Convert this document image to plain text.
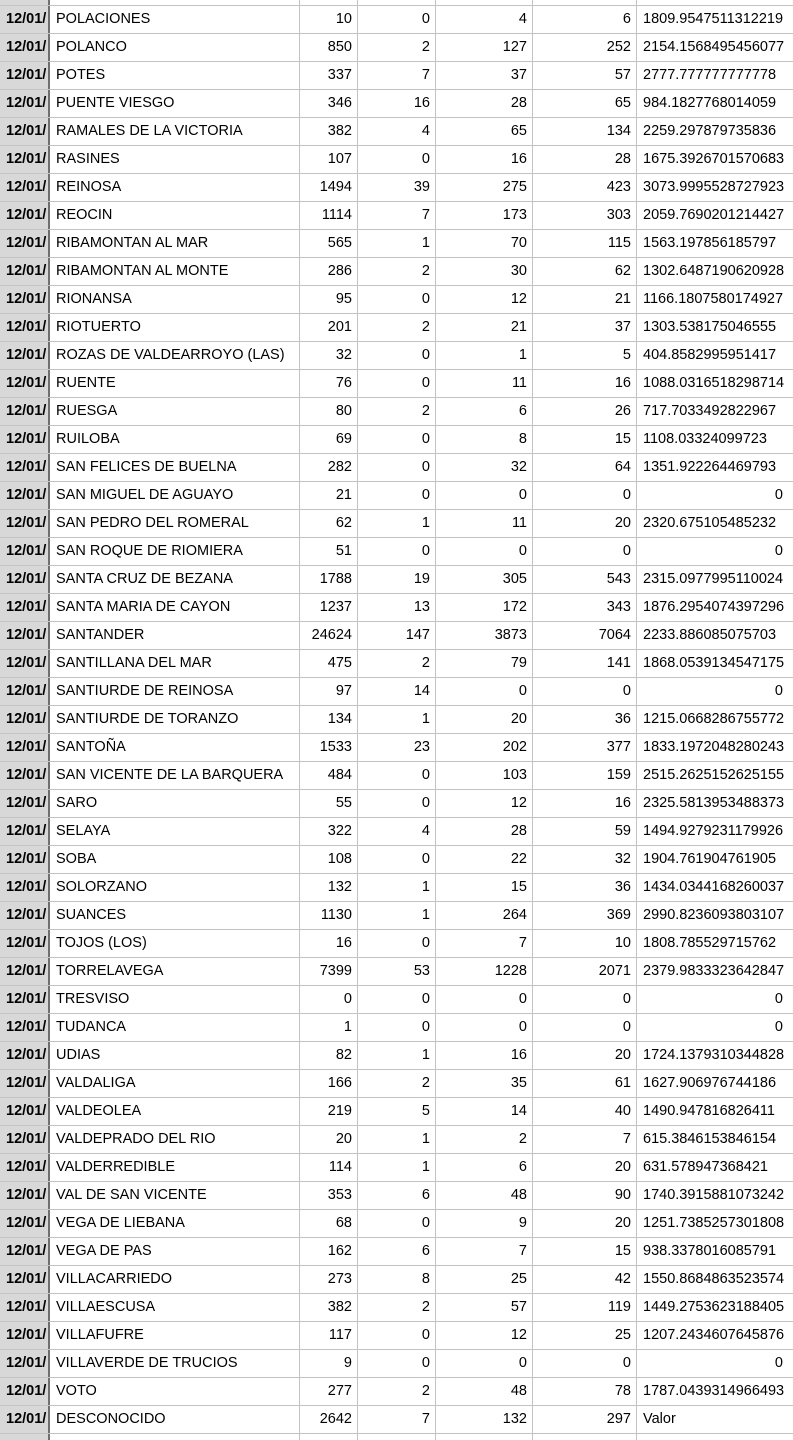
12/01/ POLACIONES	10	0	4	6 1809.9547511312219
12/01/ POLANCO	850	2	127	252 2154.1568495456077
12/01/ POTES	337	7	37	57 2777.777777777778
12/01/ PUENTE VIESGO	346	16	28	65 984.1827768014059
12/01/ RAMALES DE LA VICTORIA	382	4	65	134 2259.297879735836
12/01/ RASINES	107	0	16	28 1675.3926701570683
12/01/ REINOSA	1494	39	275	423 3073.9995528727923
12/01/ REOCIN	1114	7	173	303 2059.7690201214427
12/01/ RIBAMONTAN AL MAR	565	1	70	115 1563.197856185797
12/01/ RIBAMONTAN AL MONTE	286	2	30	62 1302.6487190620928
12/01/ RIONANSA	95	0	12	21 1166.1807580174927
12/01/ RIOTUERTO	201	2	21	37 1303.538175046555
12/01/ ROZAS DE VALDEARROYO (LAS)	32	0	1	5 404.8582995951417
12/01/ RUENTE	76	0	11	16 1088.0316518298714
12/01/ RUESGA	80	2	6	26 717.7033492822967
12/01/ RUILOBA	69	0	8	15 1108.03324099723
12/01/ SAN FELICES DE BUELNA	282	0	32	64 1351.922264469793
12/01/ SAN MIGUEL DE AGUAYO	21	0	0	0	0
12/01/ SAN PEDRO DEL ROMERAL	62	1	11	20 2320.675105485232
12/01/ SAN ROQUE DE RIOMIERA	51	0	0	0	0
12/01/ SANTA CRUZ DE BEZANA	1788	19	305	543 2315.0977995110024
12/01/ SANTA MARIA DE CAYON	1237	13	172	343 1876.2954074397296
12/01/ SANTANDER	24624	147	3873	7064 2233.886085075703
12/01/ SANTILLANA DEL MAR	475	2	79	141 1868.0539134547175
12/01/ SANTIURDE DE REINOSA	97	14	0	0	0
12/01/ SANTIURDE DE TORANZO	134	1	20	36 1215.0668286755772
12/01/ SANTOÑA	1533	23	202	377 1833.1972048280243
12/01/ SAN VICENTE DE LA BARQUERA	484	0	103	159 2515.2625152625155
12/01/ SARO	55	0	12	16 2325.5813953488373
12/01/ SELAYA	322	4	28	59 1494.9279231179926
12/01/ SOBA	108	0	22	32 1904.761904761905
12/01/ SOLORZANO	132	1	15	36 1434.0344168260037
12/01/ SUANCES	1130	1	264	369 2990.8236093803107
12/01/ TOJOS (LOS)	16	0	7	10 1808.785529715762
12/01/ TORRELAVEGA	7399	53	1228	2071 2379.9833323642847
12/01/ TRESVISO	0	0	0	0	0
12/01/ TUDANCA	1	0	0	0	0
12/01/ UDIAS	82	1	16	20 1724.1379310344828
12/01/ VALDALIGA	166	2	35	61 1627.906976744186
12/01/ VALDEOLEA	219	5	14	40 1490.947816826411
12/01/ VALDEPRADO DEL RIO	20	1	2	7 615.3846153846154
12/01/ VALDERREDIBLE	114	1	6	20 631.578947368421
12/01/ VAL DE SAN VICENTE	353	6	48	90 1740.3915881073242
12/01/ VEGA DE LIEBANA	68	0	9	20 1251.7385257301808
12/01/ VEGA DE PAS	162	6	7	15 938.3378016085791
12/01/ VILLACARRIEDO	273	8	25	42 1550.8684863523574
12/01/ VILLAESCUSA	382	2	57	119 1449.2753623188405
12/01/ VILLAFUFRE	117	0	12	25 1207.2434607645876
12/01/ VILLAVERDE DE TRUCIOS	9	0	0	0	0
12/01/ VOTO	277	2	48	78 1787.0439314966493
12/01/ DESCONOCIDO	2642	7	132	297 Valor
